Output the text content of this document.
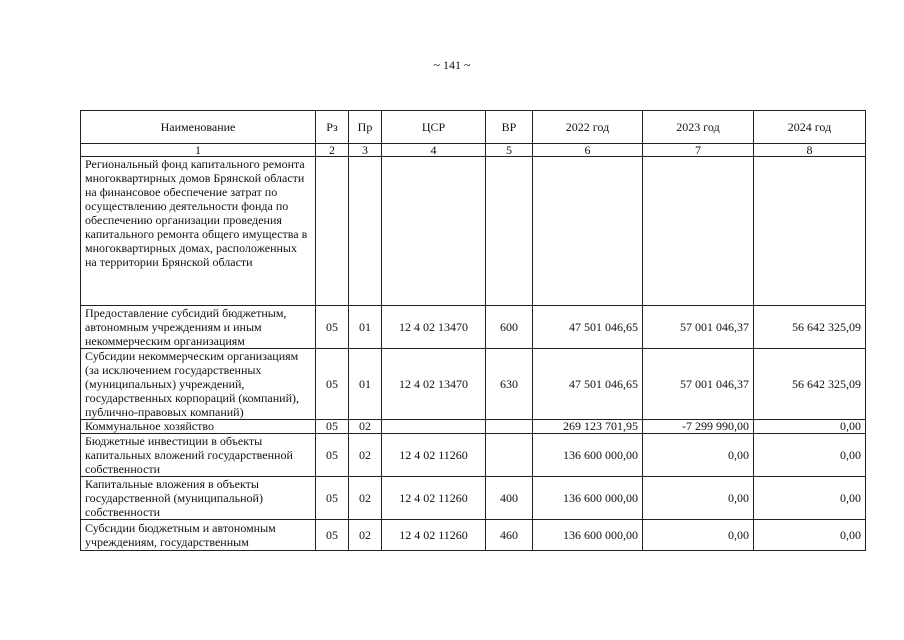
~ 141 ~
Наименование	Рз	Пр	ЦСР	ВР	2022 год	2023 год	2024 год
1	2	3	4	5	6	7	8
Региональный фонд капитального ремонта многоквартирных домов Брянской области на финансовое обеспечение затрат по осуществлению деятельности фонда по обеспечению организации проведения капитального ремонта общего имущества в многоквартирных домах, расположенных на территории Брянской области							
Предоставление субсидий бюджетным, автономным учреждениям и иным некоммерческим организациям	05	01	12 4 02 13470	600	47 501 046,65	57 001 046,37	56 642 325,09
Субсидии некоммерческим организациям (за исключением государственных (муниципальных) учреждений, государственных корпораций (компаний), публично-правовых компаний)	05	01	12 4 02 13470	630	47 501 046,65	57 001 046,37	56 642 325,09
Коммунальное хозяйство	05	02			269 123 701,95	-7 299 990,00	0,00
Бюджетные инвестиции в объекты капитальных вложений государственной собственности	05	02	12 4 02 11260		136 600 000,00	0,00	0,00
Капитальные вложения в объекты государственной (муниципальной) собственности	05	02	12 4 02 11260	400	136 600 000,00	0,00	0,00
Субсидии бюджетным и автономным учреждениям, государственным	05	02	12 4 02 11260	460	136 600 000,00	0,00	0,00
